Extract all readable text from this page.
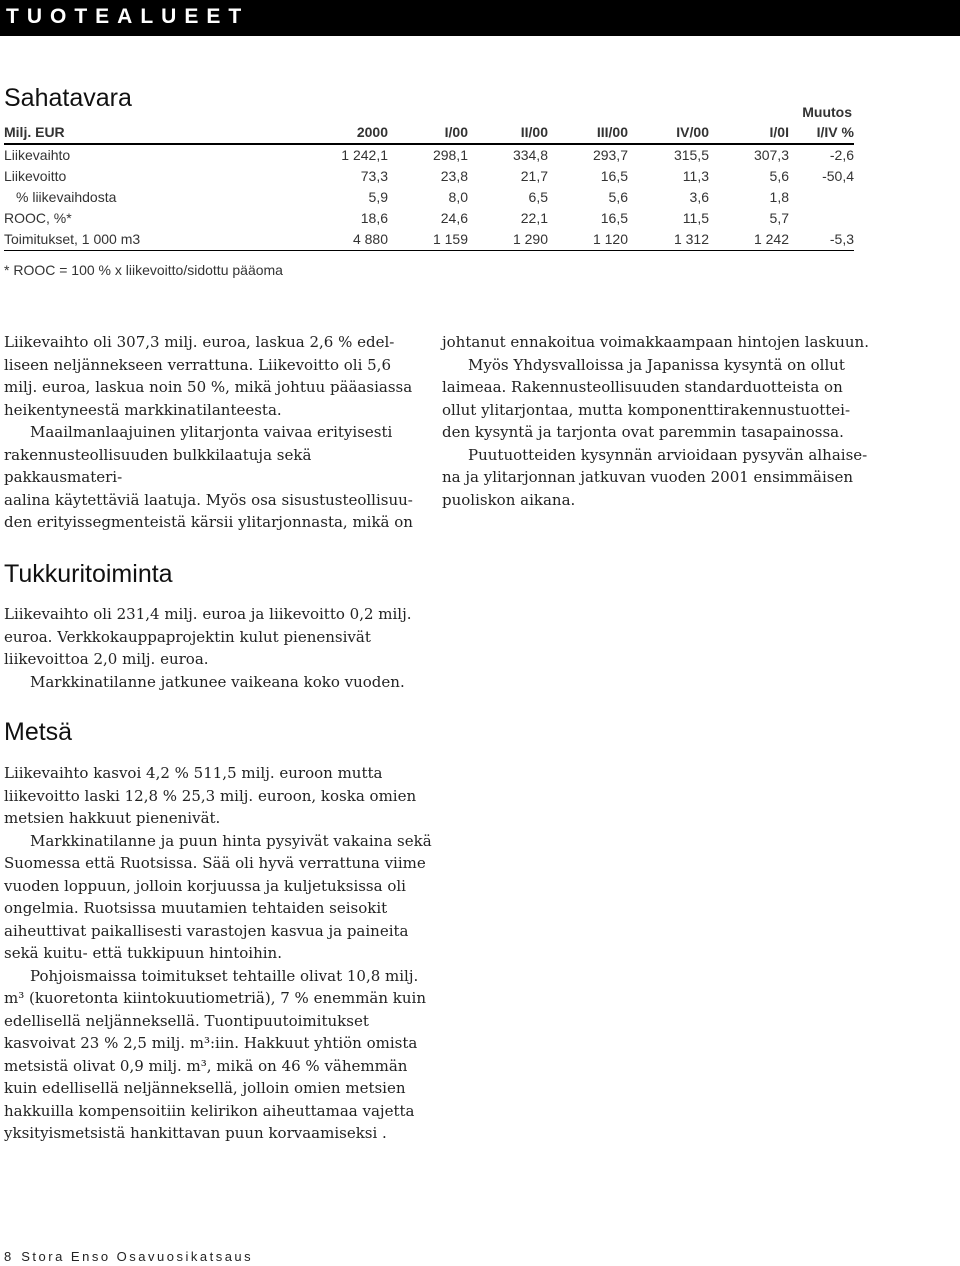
TUOTEALUEET
Sahatavara	Muutos
Milj. EUR	2000	I/00	II/00	III/00	IV/00	I/0I	I/IV %
Liikevaihto	1 242,1	298,1	334,8	293,7	315,5	307,3	-2,6
Liikevoitto	73,3	23,8	21,7	16,5	11,3	5,6	-50,4
% liikevaihdosta	5,9	8,0	6,5	5,6	3,6	1,8	
ROOC, %*	18,6	24,6	22,1	16,5	11,5	5,7	
Toimitukset, 1 000 m3	4 880	1 159	1 290	1 120	1 312	1 242	-5,3
* ROOC = 100 % x liikevoitto/sidottu pääoma

Liikevaihto oli 307,3 milj. euroa, laskua 2,6 % edel-

liseen neljännekseen verrattuna. Liikevoitto oli 5,6

milj. euroa, laskua noin 50 %, mikä johtuu pääasiassa

heikentyneestä markkinatilanteesta.

Maailmanlaajuinen ylitarjonta vaivaa erityisesti

rakennusteollisuuden bulkkilaatuja sekä pakkausmateri-

aalina käytettäviä laatuja. Myös osa sisustusteollisuu-

den erityissegmenteistä kärsii ylitarjonnasta, mikä on

johtanut ennakoitua voimakkaampaan hintojen laskuun.

Myös Yhdysvalloissa ja Japanissa kysyntä on ollut

laimeaa. Rakennusteollisuuden standarduotteista on

ollut ylitarjontaa, mutta komponenttirakennustuottei-

den kysyntä ja tarjonta ovat paremmin tasapainossa.

Puutuotteiden kysynnän arvioidaan pysyvän alhaise-

na ja ylitarjonnan jatkuvan vuoden 2001 ensimmäisen

puoliskon aikana.

Tukkuritoiminta

Liikevaihto oli 231,4 milj. euroa ja liikevoitto 0,2 milj.

euroa. Verkkokauppaprojektin kulut pienensivät

liikevoittoa 2,0 milj. euroa.

Markkinatilanne jatkunee vaikeana koko vuoden.

Metsä

Liikevaihto kasvoi 4,2 % 511,5 milj. euroon mutta

liikevoitto laski 12,8 % 25,3 milj. euroon, koska omien

metsien hakkuut pienenivät.

Markkinatilanne ja puun hinta pysyivät vakaina sekä

Suomessa että Ruotsissa. Sää oli hyvä verrattuna viime

vuoden loppuun, jolloin korjuussa ja kuljetuksissa oli

ongelmia. Ruotsissa muutamien tehtaiden seisokit

aiheuttivat paikallisesti varastojen kasvua ja paineita

sekä kuitu- että tukkipuun hintoihin.

Pohjoismaissa toimitukset tehtaille olivat 10,8 milj.

m³ (kuoretonta kiintokuutiometriä), 7 % enemmän kuin

edellisellä neljänneksellä. Tuontipuutoimitukset

kasvoivat 23 % 2,5 milj. m³:iin. Hakkuut yhtiön omista

metsistä olivat 0,9 milj. m³, mikä on 46 % vähemmän

kuin edellisellä neljänneksellä, jolloin omien metsien

hakkuilla kompensoitiin kelirikon aiheuttamaa vajetta

yksityismetsistä hankittavan puun korvaamiseksi .

8 Stora Enso Osavuosikatsaus
